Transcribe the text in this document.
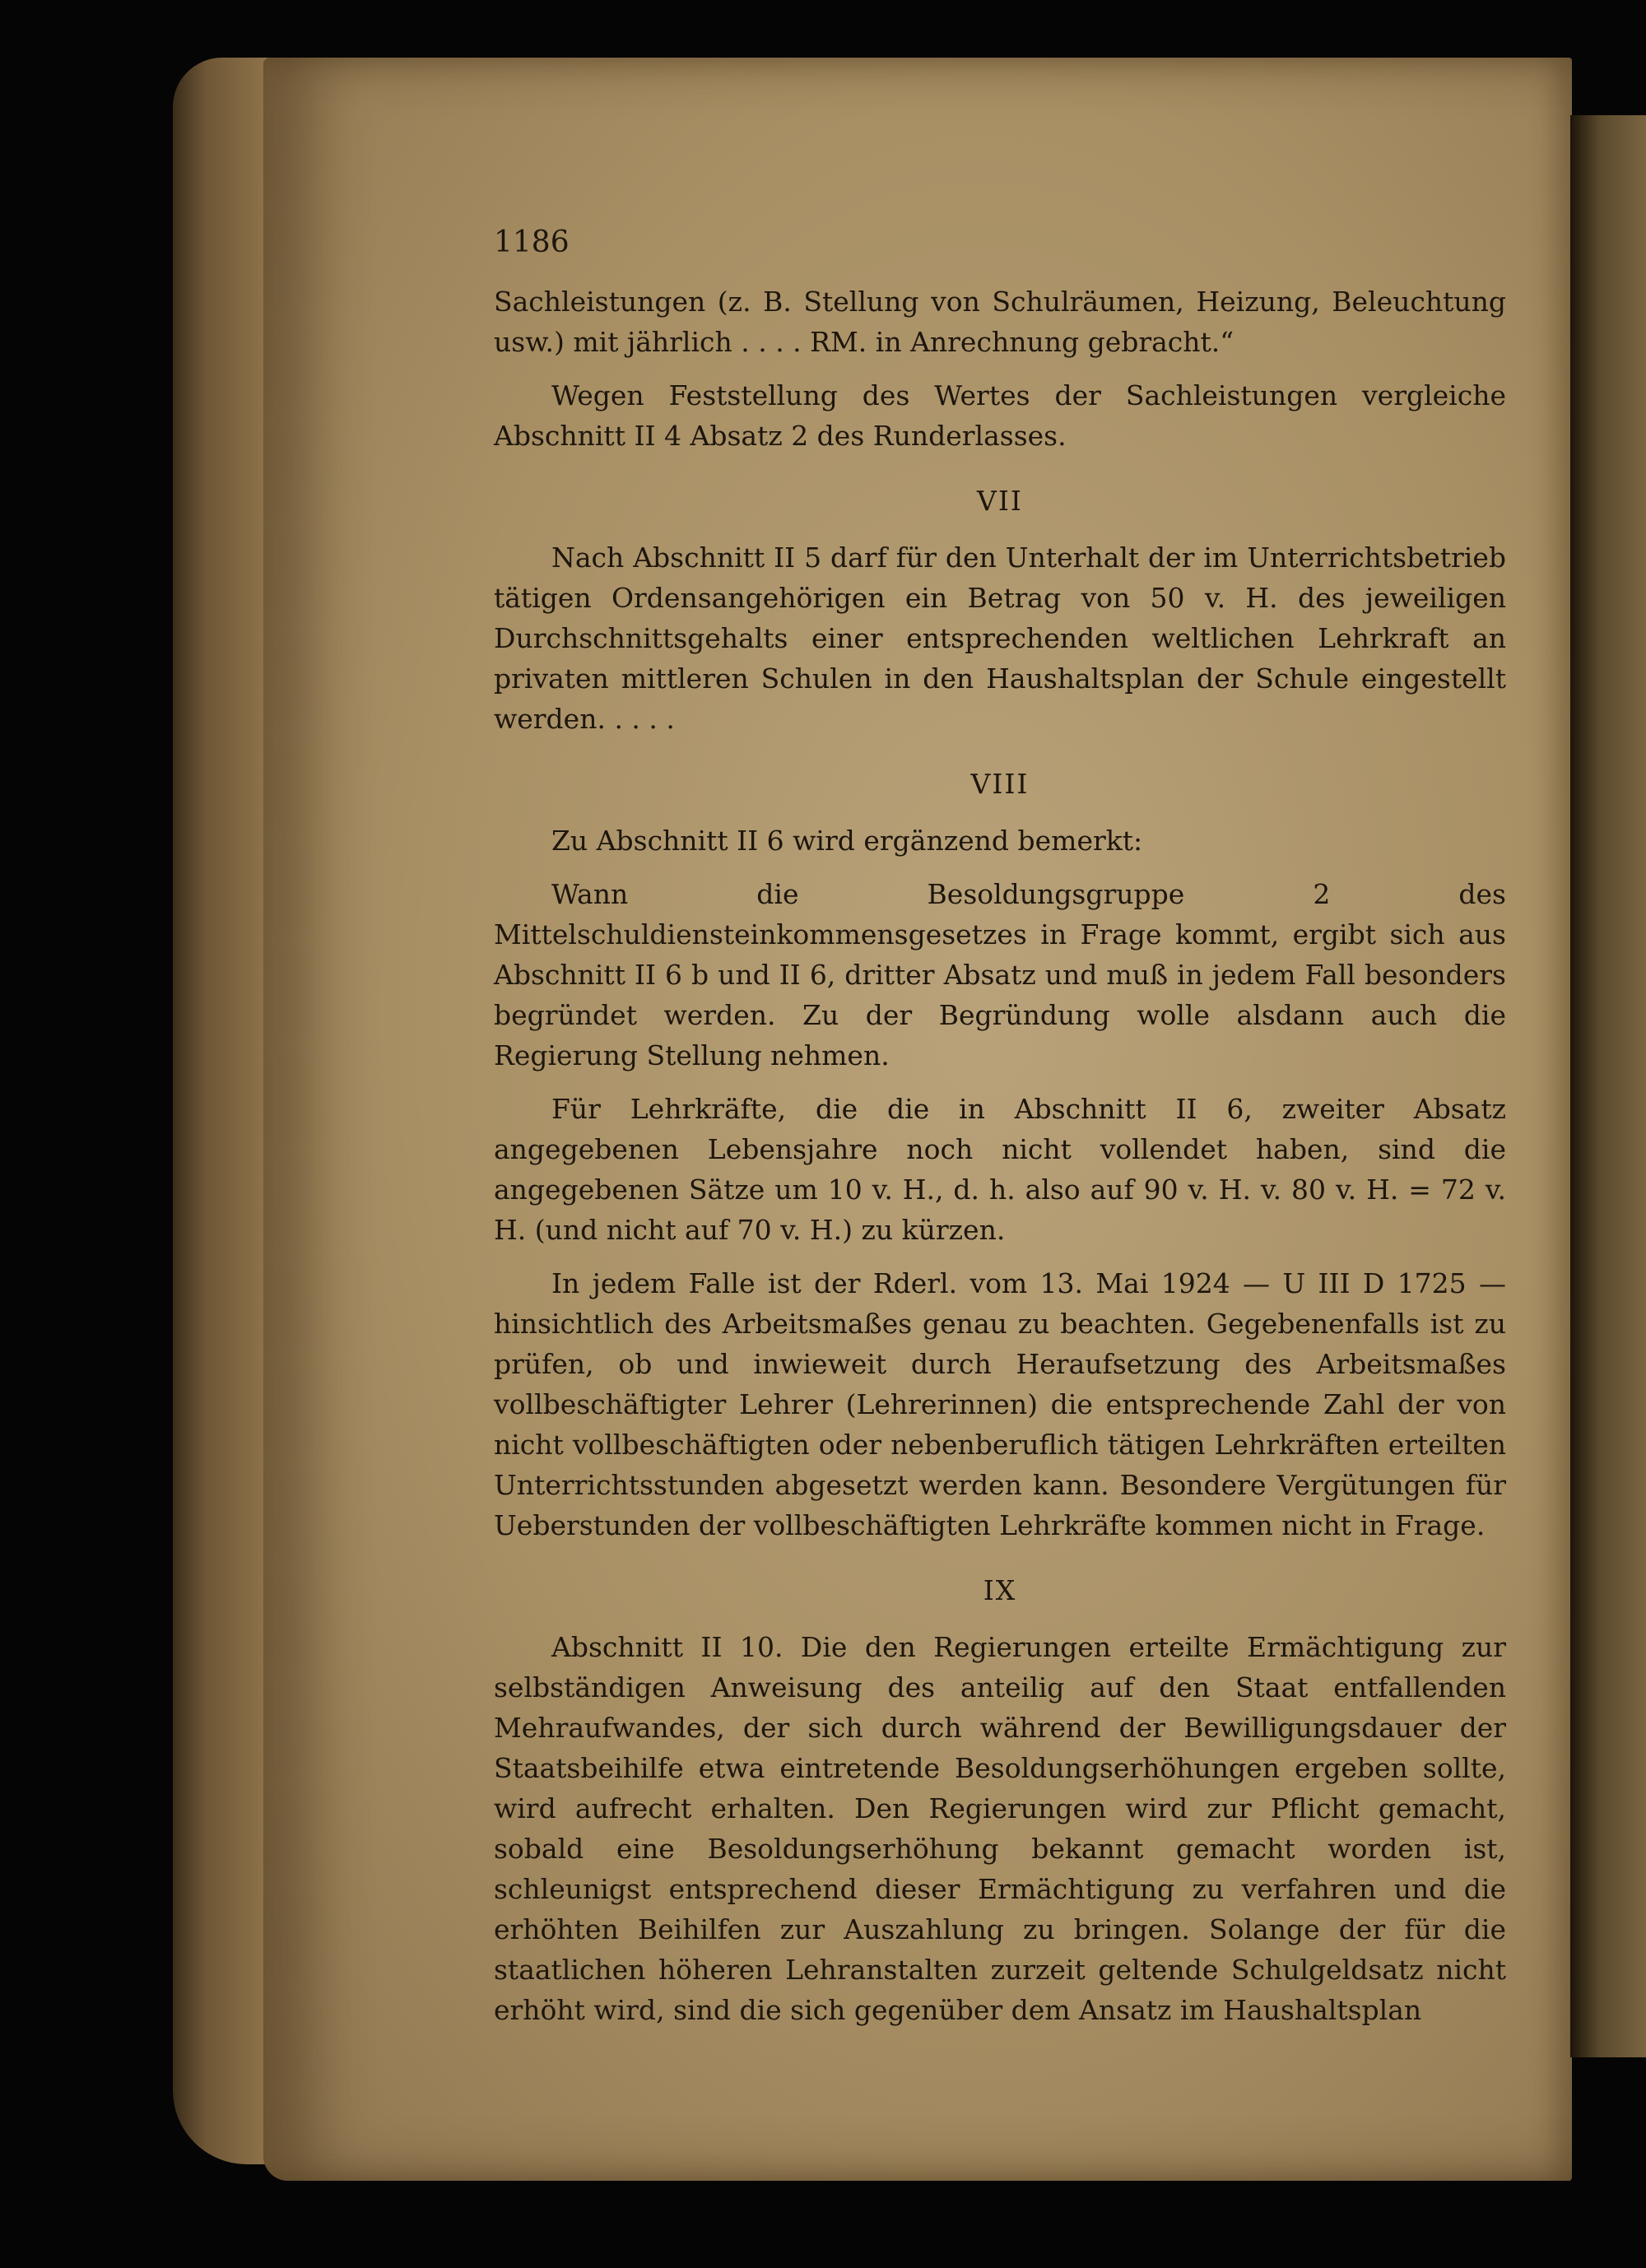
1186

Sachleistungen (z. B. Stellung von Schulräumen, Heizung, Beleuchtung usw.) mit jährlich . . . . RM. in Anrechnung gebracht.“

Wegen Feststellung des Wertes der Sachleistungen vergleiche Abschnitt II 4 Absatz 2 des Runderlasses.

VII

Nach Abschnitt II 5 darf für den Unterhalt der im Unterrichtsbetrieb tätigen Ordensangehörigen ein Betrag von 50 v. H. des jeweiligen Durchschnittsgehalts einer entsprechenden weltlichen Lehrkraft an privaten mittleren Schulen in den Haushaltsplan der Schule eingestellt werden. . . . .

VIII

Zu Abschnitt II 6 wird ergänzend bemerkt:

Wann die Besoldungsgruppe 2 des Mittelschuldiensteinkommensgesetzes in Frage kommt, ergibt sich aus Abschnitt II 6 b und II 6, dritter Absatz und muß in jedem Fall besonders begründet werden. Zu der Begründung wolle alsdann auch die Regierung Stellung nehmen.

Für Lehrkräfte, die die in Abschnitt II 6, zweiter Absatz angegebenen Lebensjahre noch nicht vollendet haben, sind die angegebenen Sätze um 10 v. H., d. h. also auf 90 v. H. v. 80 v. H. = 72 v. H. (und nicht auf 70 v. H.) zu kürzen.

In jedem Falle ist der Rderl. vom 13. Mai 1924 — U III D 1725 — hinsichtlich des Arbeitsmaßes genau zu beachten. Gegebenenfalls ist zu prüfen, ob und inwieweit durch Heraufsetzung des Arbeitsmaßes vollbeschäftigter Lehrer (Lehrerinnen) die entsprechende Zahl der von nicht vollbeschäftigten oder nebenberuflich tätigen Lehrkräften erteilten Unterrichtsstunden abgesetzt werden kann. Besondere Vergütungen für Ueberstunden der vollbeschäftigten Lehrkräfte kommen nicht in Frage.

IX

Abschnitt II 10. Die den Regierungen erteilte Ermächtigung zur selbständigen Anweisung des anteilig auf den Staat entfallenden Mehraufwandes, der sich durch während der Bewilligungsdauer der Staatsbeihilfe etwa eintretende Besoldungserhöhungen ergeben sollte, wird aufrecht erhalten. Den Regierungen wird zur Pflicht gemacht, sobald eine Besoldungserhöhung bekannt gemacht worden ist, schleunigst entsprechend dieser Ermächtigung zu verfahren und die erhöhten Beihilfen zur Auszahlung zu bringen. Solange der für die staatlichen höheren Lehranstalten zurzeit geltende Schulgeldsatz nicht erhöht wird, sind die sich gegenüber dem Ansatz im Haushaltsplan
